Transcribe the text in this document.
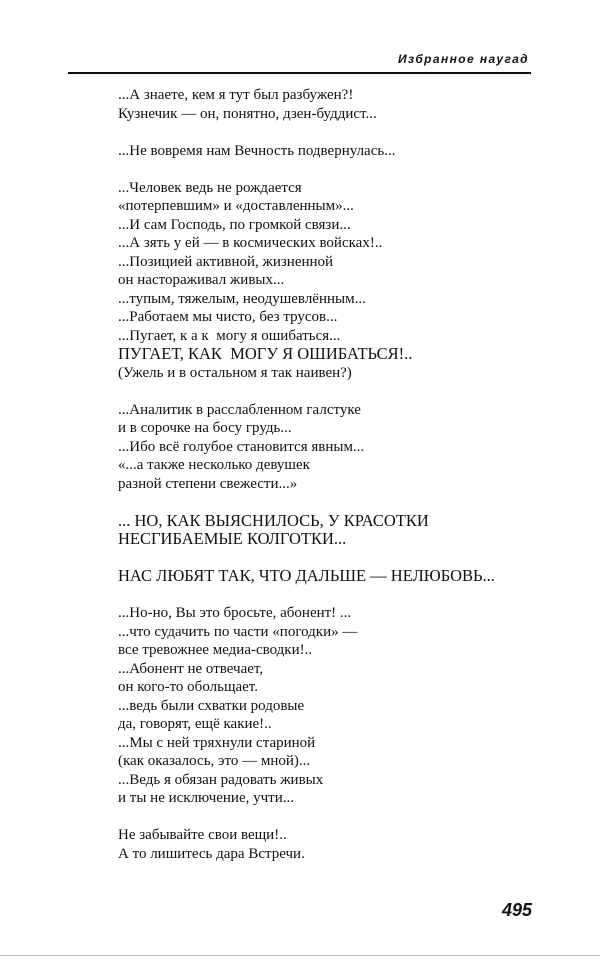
Избранное наугад
...А знаете, кем я тут был разбужен?!
Кузнечик — он, понятно, дзен-буддист...
...Не вовремя нам Вечность подвернулась...
...Человек ведь не рождается
«потерпевшим» и «доставленным»...
...И сам Господь, по громкой связи...
...А зять у ей — в космических войсках!..
...Позицией активной, жизненной
он настораживал живых...
...тупым, тяжелым, неодушевлённым...
...Работаем мы чисто, без трусов...
...Пугает, к а к  могу я ошибаться...
ПУГАЕТ, КАК  МОГУ Я ОШИБАТЬСЯ!..
(Ужель и в остальном я так наивен?)
...Аналитик в расслабленном галстуке
и в сорочке на босу грудь...
...Ибо всё голубое становится явным...
«...а также несколько девушек
разной степени свежести...»
... НО, КАК ВЫЯСНИЛОСЬ, У КРАСОТКИ
НЕСГИБАЕМЫЕ КОЛГОТКИ...
НАС ЛЮБЯТ ТАК, ЧТО ДАЛЬШЕ — НЕЛЮБОВЬ...
...Но-но, Вы это бросьте, абонент! ...
...что судачить по части «погодки» —
все тревожнее медиа-сводки!..
...Абонент не отвечает,
он кого-то обольщает.
...ведь были схватки родовые
да, говорят, ещё какие!..
...Мы с ней тряхнули стариной
(как оказалось, это — мной)...
...Ведь я обязан радовать живых
и ты не исключение, учти...
Не забывайте свои вещи!..
А то лишитесь дара Встречи.
495
